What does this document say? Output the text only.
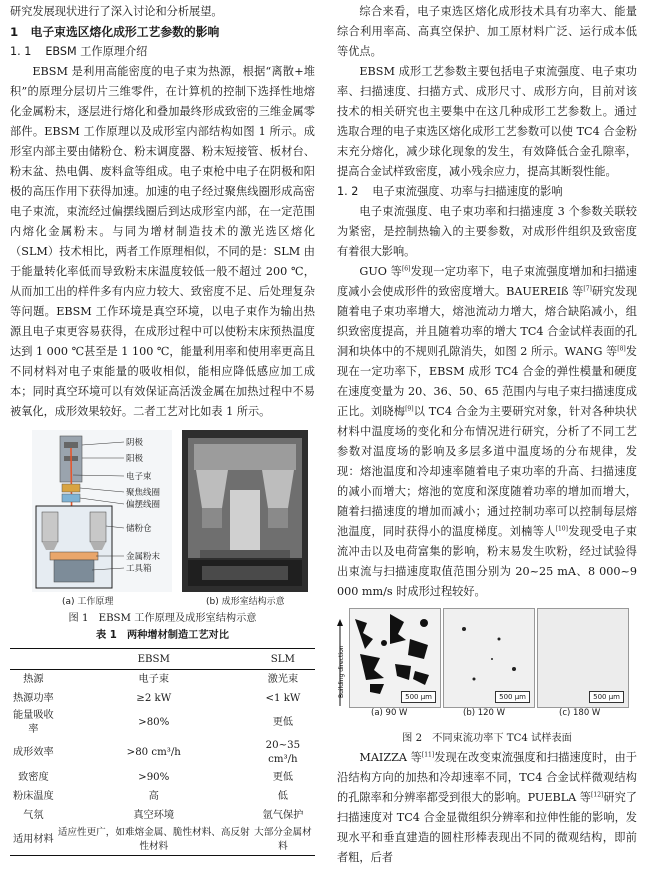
研究发展现状进行了深入讨论和分析展望。

1 电子束选区熔化成形工艺参数的影响
1. 1 EBSM 工作原理介绍

EBSM 是利用高能密度的电子束为热源，根据“离散+堆积”的原理分层切片三维零件，在计算机的控制下选择性地熔化金属粉末，逐层进行熔化和叠加最终形成致密的三维金属零部件。EBSM 工作原理以及成形室内部结构如图 1 所示。成形室内部主要由储粉仓、粉末调度器、粉末短接管、板材台、粉末盆、热电偶、废料盒等组成。电子束枪中电子在阴极和阳极的高压作用下获得加速。加速的电子经过聚焦线圈形成高密电子束流，束流经过偏摆线圈后到达成形室内部，在一定范围内熔化金属粉末。与同为增材制造技术的激光选区熔化（SLM）技术相比，两者工作原理相似，不同的是：SLM 由于能量转化率低而导致粉末床温度较低一般不超过 200 ℃，从而加工出的样件多有内应力较大、致密度不足、后处理复杂等问题。EBSM 工作环境是真空环境，以电子束作为输出热源且电子束更容易获得，在成形过程中可以使粉末床预热温度达到 1 000 ℃甚至是 1 100 ℃，能量利用率和使用率更高且不同材料对电子束能量的吸收相似，能相应降低感应加工成本；同时真空环境可以有效保证高活泼金属在加热过程中不易被氧化，成形效果较好。二者工艺对比如表 1 所示。

阴极
阳极
电子束
聚焦线圈
偏摆线圈
储粉仓
金属粉末
工具箱
(a) 工作原理	(b) 成形室结构示意
图 1　EBSM 工作原理及成形室结构示意
表 1　两种增材制造工艺对比
	EBSM	SLM
热源	电子束	激光束
热源功率	≥2 kW	<1 kW
能量吸收率	>80%	更低
成形效率	>80 cm³/h	20~35 cm³/h
致密度	>90%	更低
粉床温度	高	低
气氛	真空环境	氩气保护
适用材料	适应性更广，如难熔金属、脆性材料、高反射性材料	大部分金属材料

综合来看，电子束选区熔化成形技术具有功率大、能量综合利用率高、高真空保护、加工原材料广泛、运行成本低等优点。

EBSM 成形工艺参数主要包括电子束流强度、电子束功率、扫描速度、扫描方式、成形尺寸、成形方向，目前对该技术的相关研究也主要集中在这几种成形工艺参数上。通过选取合理的电子束选区熔化成形工艺参数可以使 TC4 合金粉末充分熔化，减少球化现象的发生，有效降低合金孔隙率，提高合金试样致密度，减小残余应力，提高其断裂性能。

1. 2 电子束流强度、功率与扫描速度的影响

电子束流强度、电子束功率和扫描速度 3 个参数关联较为紧密，是控制热输入的主要参数，对成形件组织及致密度有着很大影响。

GUO 等[6]发现一定功率下，电子束流强度增加和扫描速度减小会使成形件的致密度增大。BAUEREIß 等[7]研究发现随着电子束功率增大，熔池流动力增大，熔合缺陷减小，组织致密度提高，并且随着功率的增大 TC4 合金试样表面的孔洞和块体中的不规则孔隙消失，如图 2 所示。WANG 等[8]发现在一定功率下，EBSM 成形 TC4 合金的弹性模量和硬度在速度变量为 20、36、50、65 范围内与电子束扫描速度成正比。刘晓梅[9]以 TC4 合金为主要研究对象，针对各种块状材料中温度场的变化和分布情况进行研究，分析了不同工艺参数对温度场的影响及多层多道中温度场的分布规律，发现：熔池温度和冷却速率随着电子束功率的升高、扫描速度的减小而增大；熔池的宽度和深度随着功率的增加而增大，随着扫描速度的增加而减小；通过控制功率可以控制每层熔池温度，同时获得小的温度梯度。刘楠等人[10]发现受电子束流冲击以及电荷富集的影响，粉末易发生吹粉，经过试验得出束流与扫描速度取值范围分别为 20~25 mA、8 000~9 000 mm/s 时成形过程较好。

Building direction	500 μm	500 μm	500 μm
(a) 90 W	(b) 120 W	(c) 180 W
图 2　不同束流功率下 TC4 试样表面

MAIZZA 等[11]发现在改变束流强度和扫描速度时，由于沿结构方向的加热和冷却速率不同，TC4 合金试样微观结构的孔隙率和分辨率都受到很大的影响。PUEBLA 等[12]研究了扫描速度对 TC4 合金显微组织分辨率和拉伸性能的影响，发现水平和垂直建造的圆柱形棒表现出不同的微观结构，即前者粗，后者
